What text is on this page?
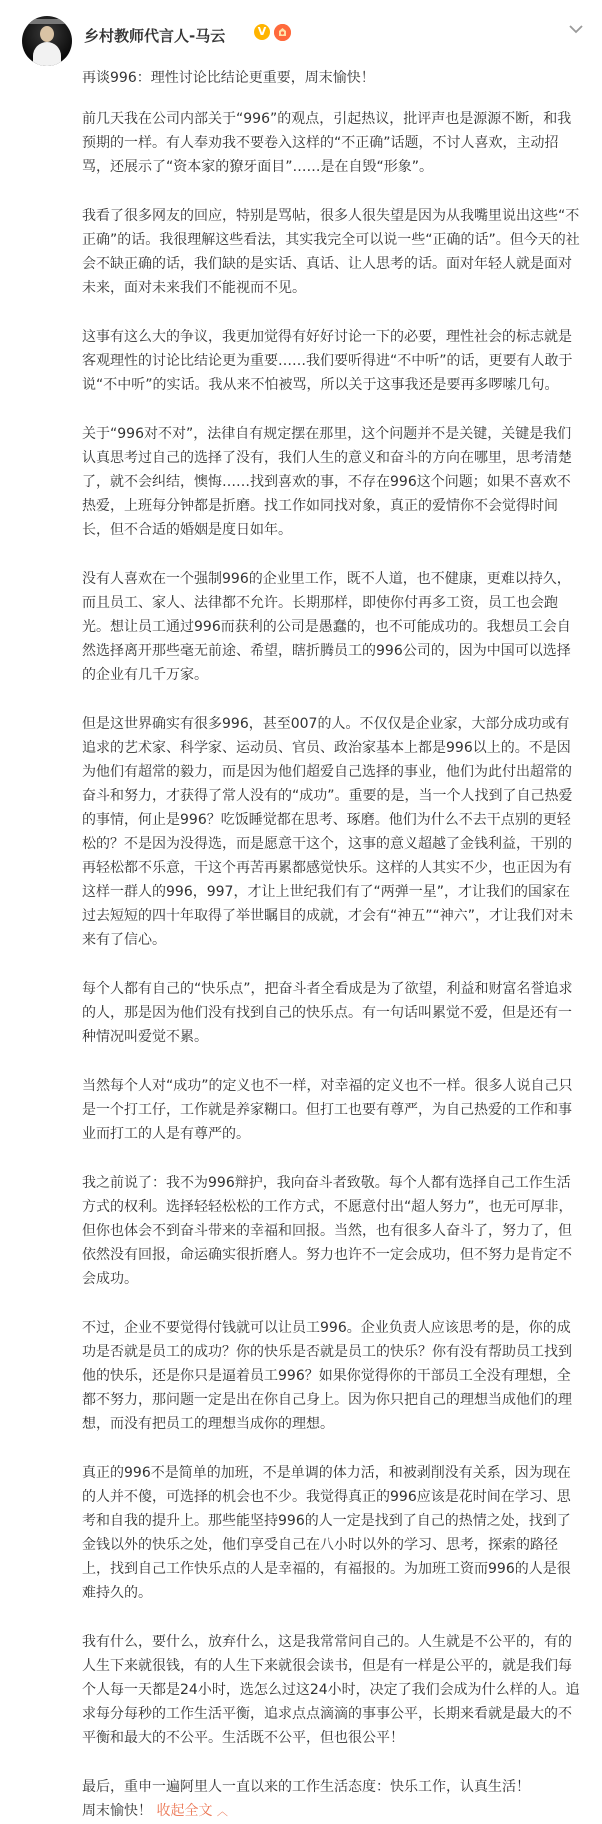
乡村教师代言人-马云	V

再谈996：理性讨论比结论更重要，周末愉快！

前几天我在公司内部关于“996”的观点，引起热议，批评声也是源源不断，和我预期的一样。有人奉劝我不要卷入这样的“不正确”话题，不讨人喜欢，主动招骂，还展示了“资本家的獠牙面目”……是在自毁“形象”。

我看了很多网友的回应，特别是骂帖，很多人很失望是因为从我嘴里说出这些“不正确”的话。我很理解这些看法，其实我完全可以说一些“正确的话”。但今天的社会不缺正确的话，我们缺的是实话、真话、让人思考的话。面对年轻人就是面对未来，面对未来我们不能视而不见。

这事有这么大的争议，我更加觉得有好好讨论一下的必要，理性社会的标志就是客观理性的讨论比结论更为重要……我们要听得进“不中听”的话，更要有人敢于说“不中听”的实话。我从来不怕被骂，所以关于这事我还是要再多啰嗦几句。

关于“996对不对”，法律自有规定摆在那里，这个问题并不是关键，关键是我们认真思考过自己的选择了没有，我们人生的意义和奋斗的方向在哪里，思考清楚了，就不会纠结，懊悔……找到喜欢的事，不存在996这个问题；如果不喜欢不热爱，上班每分钟都是折磨。找工作如同找对象，真正的爱情你不会觉得时间长，但不合适的婚姻是度日如年。

没有人喜欢在一个强制996的企业里工作，既不人道，也不健康，更难以持久，而且员工、家人、法律都不允许。长期那样，即使你付再多工资，员工也会跑光。想让员工通过996而获利的公司是愚蠢的，也不可能成功的。我想员工会自然选择离开那些毫无前途、希望，瞎折腾员工的996公司的，因为中国可以选择的企业有几千万家。

但是这世界确实有很多996，甚至007的人。不仅仅是企业家，大部分成功或有追求的艺术家、科学家、运动员、官员、政治家基本上都是996以上的。不是因为他们有超常的毅力，而是因为他们超爱自己选择的事业，他们为此付出超常的奋斗和努力，才获得了常人没有的“成功”。重要的是，当一个人找到了自己热爱的事情，何止是996？吃饭睡觉都在思考、琢磨。他们为什么不去干点别的更轻松的？不是因为没得选，而是愿意干这个，这事的意义超越了金钱利益，干别的再轻松都不乐意，干这个再苦再累都感觉快乐。这样的人其实不少，也正因为有这样一群人的996，997，才让上世纪我们有了“两弹一星”，才让我们的国家在过去短短的四十年取得了举世瞩目的成就，才会有“神五”“神六”，才让我们对未来有了信心。

每个人都有自己的“快乐点”，把奋斗者全看成是为了欲望，利益和财富名誉追求的人，那是因为他们没有找到自己的快乐点。有一句话叫累觉不爱，但是还有一种情况叫爱觉不累。

当然每个人对“成功”的定义也不一样，对幸福的定义也不一样。很多人说自己只是一个打工仔，工作就是养家糊口。但打工也要有尊严，为自己热爱的工作和事业而打工的人是有尊严的。

我之前说了：我不为996辩护，我向奋斗者致敬。每个人都有选择自己工作生活方式的权利。选择轻轻松松的工作方式，不愿意付出“超人努力”，也无可厚非，但你也体会不到奋斗带来的幸福和回报。当然，也有很多人奋斗了，努力了，但依然没有回报，命运确实很折磨人。努力也许不一定会成功，但不努力是肯定不会成功。

不过，企业不要觉得付钱就可以让员工996。企业负责人应该思考的是，你的成功是否就是员工的成功？你的快乐是否就是员工的快乐？你有没有帮助员工找到他的快乐，还是你只是逼着员工996？如果你觉得你的干部员工全没有理想，全都不努力，那问题一定是出在你自己身上。因为你只把自己的理想当成他们的理想，而没有把员工的理想当成你的理想。

真正的996不是简单的加班，不是单调的体力活，和被剥削没有关系，因为现在的人并不傻，可选择的机会也不少。我觉得真正的996应该是花时间在学习、思考和自我的提升上。那些能坚持996的人一定是找到了自己的热情之处，找到了金钱以外的快乐之处，他们享受自己在八小时以外的学习、思考，探索的路径上，找到自己工作快乐点的人是幸福的，有福报的。为加班工资而996的人是很难持久的。

我有什么，要什么，放弃什么，这是我常常问自己的。人生就是不公平的，有的人生下来就很钱，有的人生下来就很会读书，但是有一样是公平的，就是我们每个人每一天都是24小时，选怎么过这24小时，决定了我们会成为什么样的人。追求每分每秒的工作生活平衡，追求点点滴滴的事事公平，长期来看就是最大的不平衡和最大的不公平。生活既不公平，但也很公平！

最后，重申一遍阿里人一直以来的工作生活态度：快乐工作，认真生活！
周末愉快！ 收起全文 ︿
